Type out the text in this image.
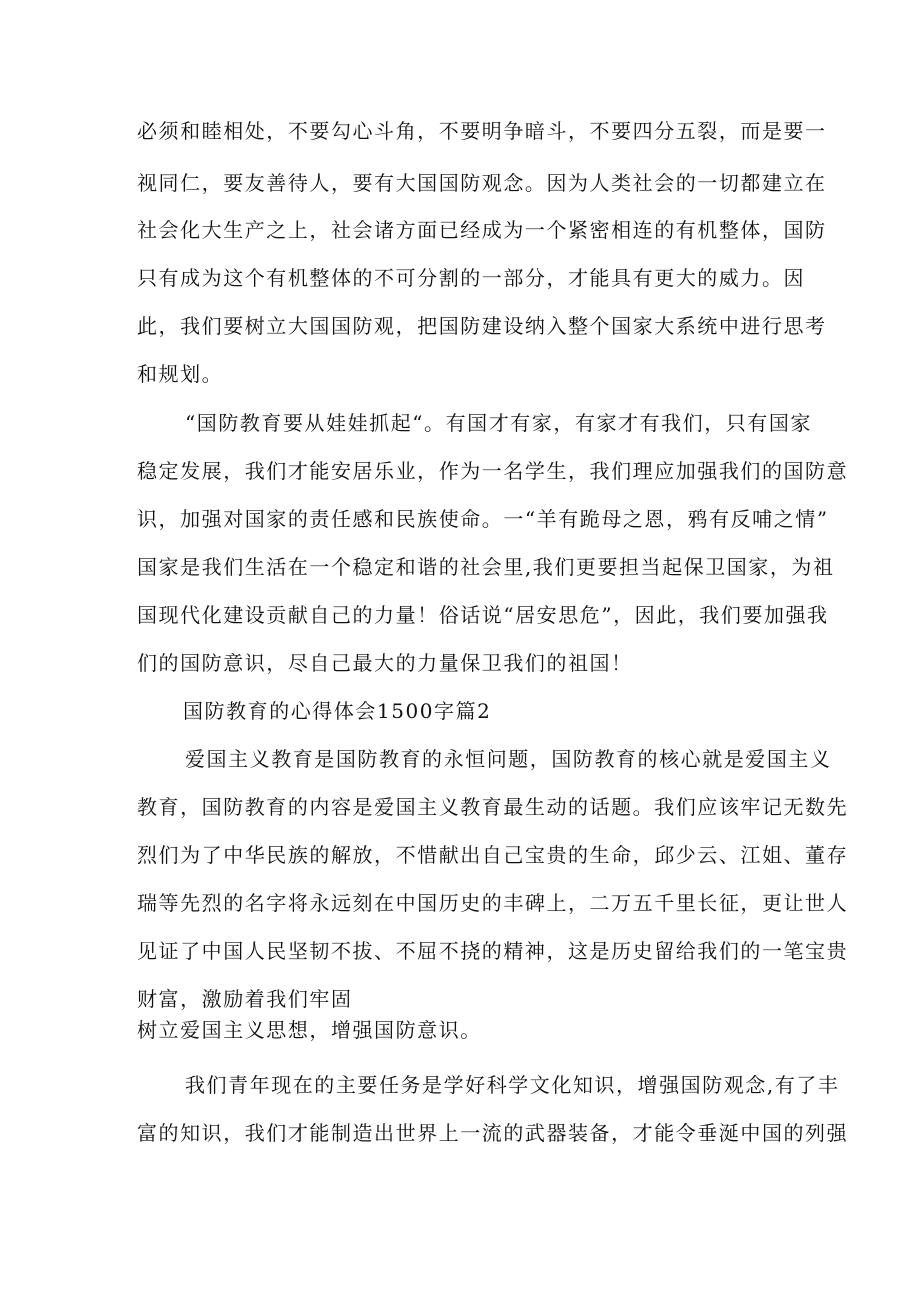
必须和睦相处，不要勾心斗角，不要明争暗斗，不要四分五裂，而是要一
视同仁，要友善待人，要有大国国防观念。因为人类社会的一切都建立在
社会化大生产之上，社会诸方面已经成为一个紧密相连的有机整体，国防
只有成为这个有机整体的不可分割的一部分，才能具有更大的威力。因
此，我们要树立大国国防观，把国防建设纳入整个国家大系统中进行思考
和规划。
“国防教育要从娃娃抓起“。有国才有家，有家才有我们，只有国家
稳定发展，我们才能安居乐业，作为一名学生，我们理应加强我们的国防意
识，加强对国家的责任感和民族使命。一“羊有跪母之恩，鸦有反哺之情”
国家是我们生活在一个稳定和谐的社会里,我们更要担当起保卫国家，为祖
国现代化建设贡献自己的力量！俗话说“居安思危”，因此，我们要加强我
们的国防意识，尽自己最大的力量保卫我们的祖国！
国防教育的心得体会1500字篇2
爱国主义教育是国防教育的永恒问题，国防教育的核心就是爱国主义
教育，国防教育的内容是爱国主义教育最生动的话题。我们应该牢记无数先
烈们为了中华民族的解放，不惜献出自己宝贵的生命，邱少云、江姐、董存
瑞等先烈的名字将永远刻在中国历史的丰碑上，二万五千里长征，更让世人
见证了中国人民坚韧不拔、不屈不挠的精神，这是历史留给我们的一笔宝贵
财富，激励着我们牢固
树立爱国主义思想，增强国防意识。
我们青年现在的主要任务是学好科学文化知识，增强国防观念,有了丰
富的知识，我们才能制造出世界上一流的武器装备，才能令垂涎中国的列强
